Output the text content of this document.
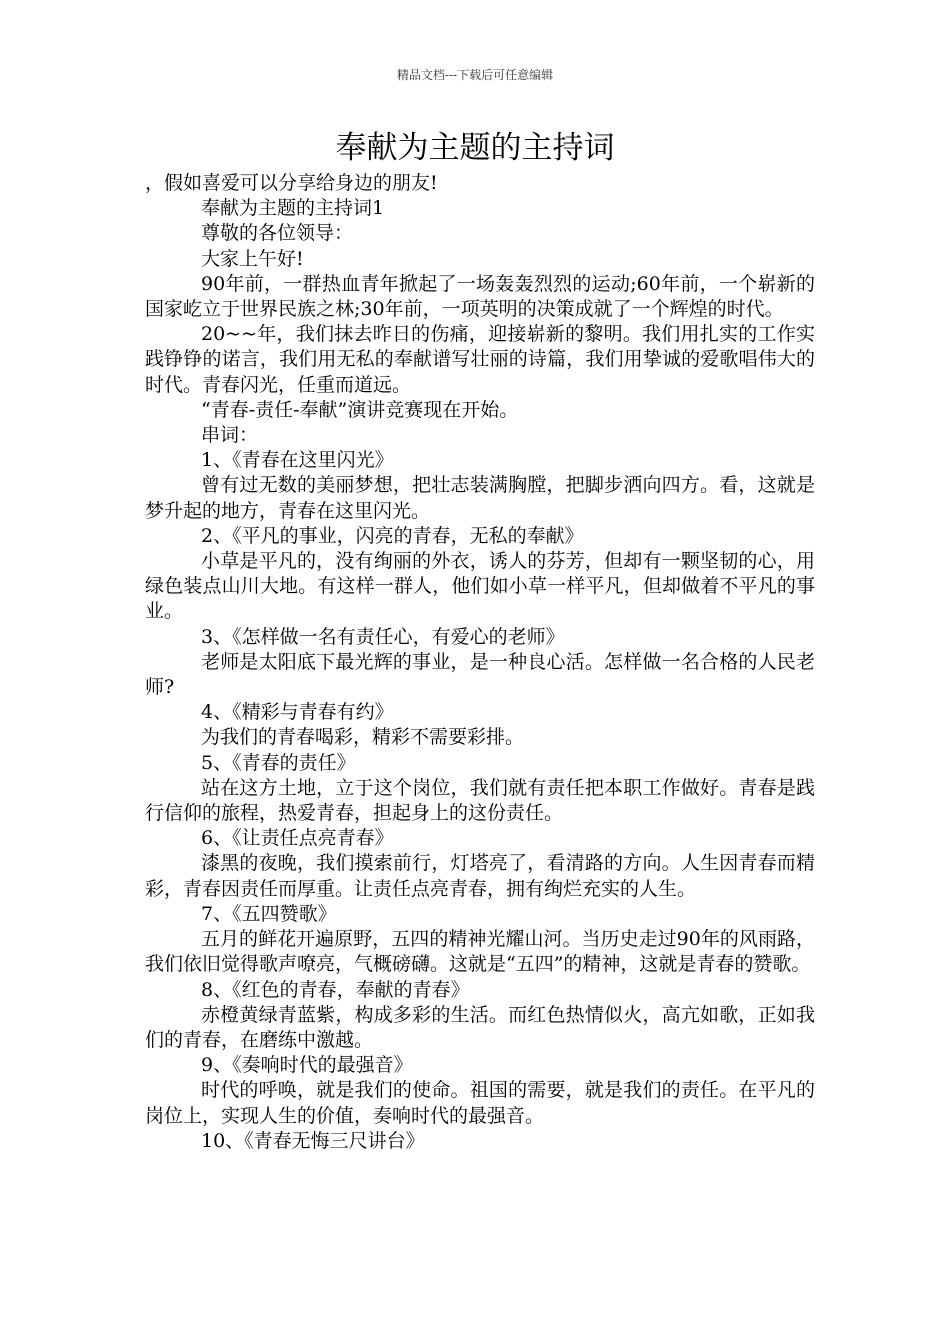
精品文档---下载后可任意编辑
奉献为主题的主持词

，假如喜爱可以分享给身边的朋友!

奉献为主题的主持词1

尊敬的各位领导：

大家上午好!

90年前，一群热血青年掀起了一场轰轰烈烈的运动;60年前，一个崭新的国家屹立于世界民族之林;30年前，一项英明的决策成就了一个辉煌的时代。

20~~年，我们抹去昨日的伤痛，迎接崭新的黎明。我们用扎实的工作实践铮铮的诺言，我们用无私的奉献谱写壮丽的诗篇，我们用挚诚的爱歌唱伟大的时代。青春闪光，任重而道远。

“青春-责任-奉献”演讲竞赛现在开始。

串词：

1、《青春在这里闪光》

曾有过无数的美丽梦想，把壮志装满胸膛，把脚步洒向四方。看，这就是梦升起的地方，青春在这里闪光。

2、《平凡的事业，闪亮的青春，无私的奉献》

小草是平凡的，没有绚丽的外衣，诱人的芬芳，但却有一颗坚韧的心，用绿色装点山川大地。有这样一群人，他们如小草一样平凡，但却做着不平凡的事业。

3、《怎样做一名有责任心，有爱心的老师》

老师是太阳底下最光辉的事业，是一种良心活。怎样做一名合格的人民老师?

4、《精彩与青春有约》

为我们的青春喝彩，精彩不需要彩排。

5、《青春的责任》

站在这方土地，立于这个岗位，我们就有责任把本职工作做好。青春是践行信仰的旅程，热爱青春，担起身上的这份责任。

6、《让责任点亮青春》

漆黑的夜晚，我们摸索前行，灯塔亮了，看清路的方向。人生因青春而精彩，青春因责任而厚重。让责任点亮青春，拥有绚烂充实的人生。

7、《五四赞歌》

五月的鲜花开遍原野，五四的精神光耀山河。当历史走过90年的风雨路，我们依旧觉得歌声嘹亮，气概磅礴。这就是“五四”的精神，这就是青春的赞歌。

8、《红色的青春，奉献的青春》

赤橙黄绿青蓝紫，构成多彩的生活。而红色热情似火，高亢如歌，正如我们的青春，在磨练中激越。

9、《奏响时代的最强音》

时代的呼唤，就是我们的使命。祖国的需要，就是我们的责任。在平凡的岗位上，实现人生的价值，奏响时代的最强音。

10、《青春无悔三尺讲台》
